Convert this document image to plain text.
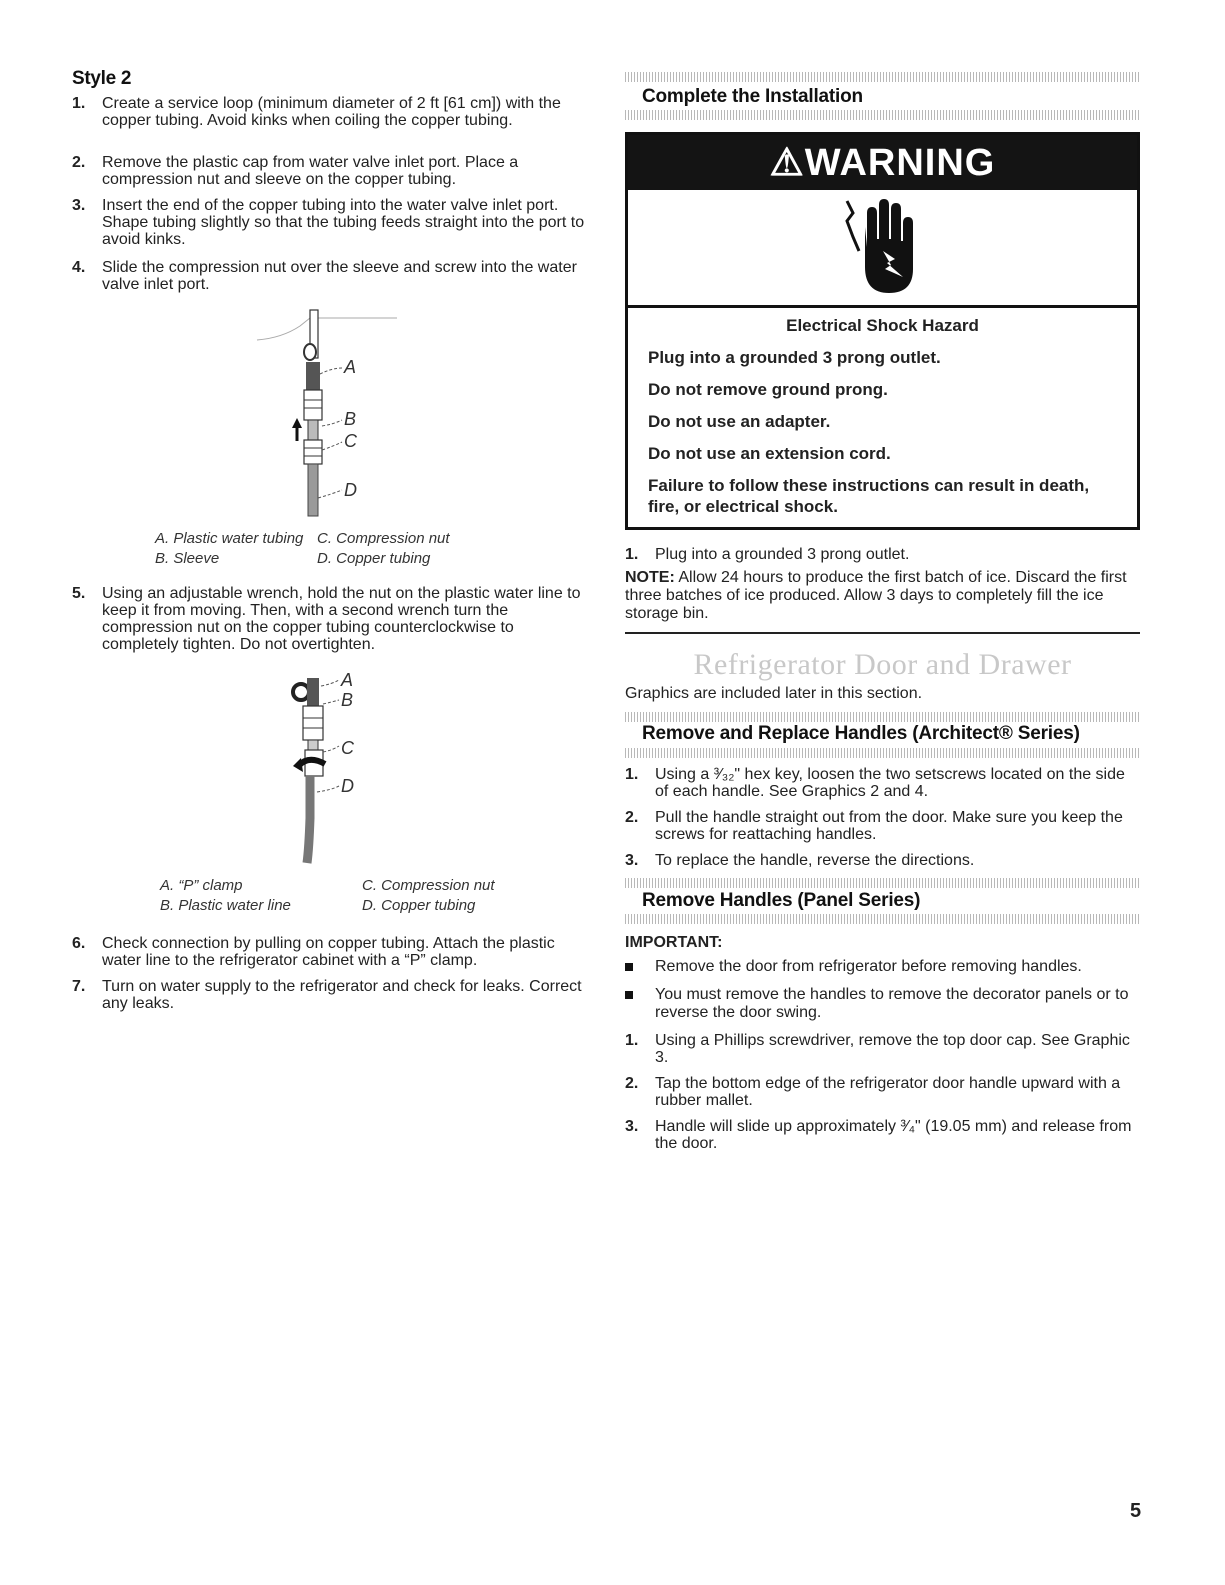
Style 2
1. Create a service loop (minimum diameter of 2 ft [61 cm]) with the copper tubing. Avoid kinks when coiling the copper tubing.
2. Remove the plastic cap from water valve inlet port. Place a compression nut and sleeve on the copper tubing.
3. Insert the end of the copper tubing into the water valve inlet port. Shape tubing slightly so that the tubing feeds straight into the port to avoid kinks.
4. Slide the compression nut over the sleeve and screw into the water valve inlet port.
A
B
C
D
A. Plastic water tubing
B. Sleeve
C. Compression nut
D. Copper tubing
5. Using an adjustable wrench, hold the nut on the plastic water line to keep it from moving. Then, with a second wrench turn the compression nut on the copper tubing counterclockwise to completely tighten. Do not overtighten.
A
B
C
D
A. “P” clamp
B. Plastic water line
C. Compression nut
D. Copper tubing
6. Check connection by pulling on copper tubing. Attach the plastic water line to the refrigerator cabinet with a “P” clamp.
7. Turn on water supply to the refrigerator and check for leaks. Correct any leaks.
Complete the Installation
⚠WARNING
Electrical Shock Hazard
Plug into a grounded 3 prong outlet.
Do not remove ground prong.
Do not use an adapter.
Do not use an extension cord.
Failure to follow these instructions can result in death, fire, or electrical shock.
1. Plug into a grounded 3 prong outlet.
NOTE: Allow 24 hours to produce the first batch of ice. Discard the first three batches of ice produced. Allow 3 days to completely fill the ice storage bin.
Refrigerator Door and Drawer
Graphics are included later in this section.
Remove and Replace Handles (Architect® Series)
1. Using a ³⁄₃₂" hex key, loosen the two setscrews located on the side of each handle. See Graphics 2 and 4.
2. Pull the handle straight out from the door. Make sure you keep the screws for reattaching handles.
3. To replace the handle, reverse the directions.
Remove Handles (Panel Series)
IMPORTANT:
Remove the door from refrigerator before removing handles.
You must remove the handles to remove the decorator panels or to reverse the door swing.
1. Using a Phillips screwdriver, remove the top door cap. See Graphic 3.
2. Tap the bottom edge of the refrigerator door handle upward with a rubber mallet.
3. Handle will slide up approximately ³⁄₄" (19.05 mm) and release from the door.
5
